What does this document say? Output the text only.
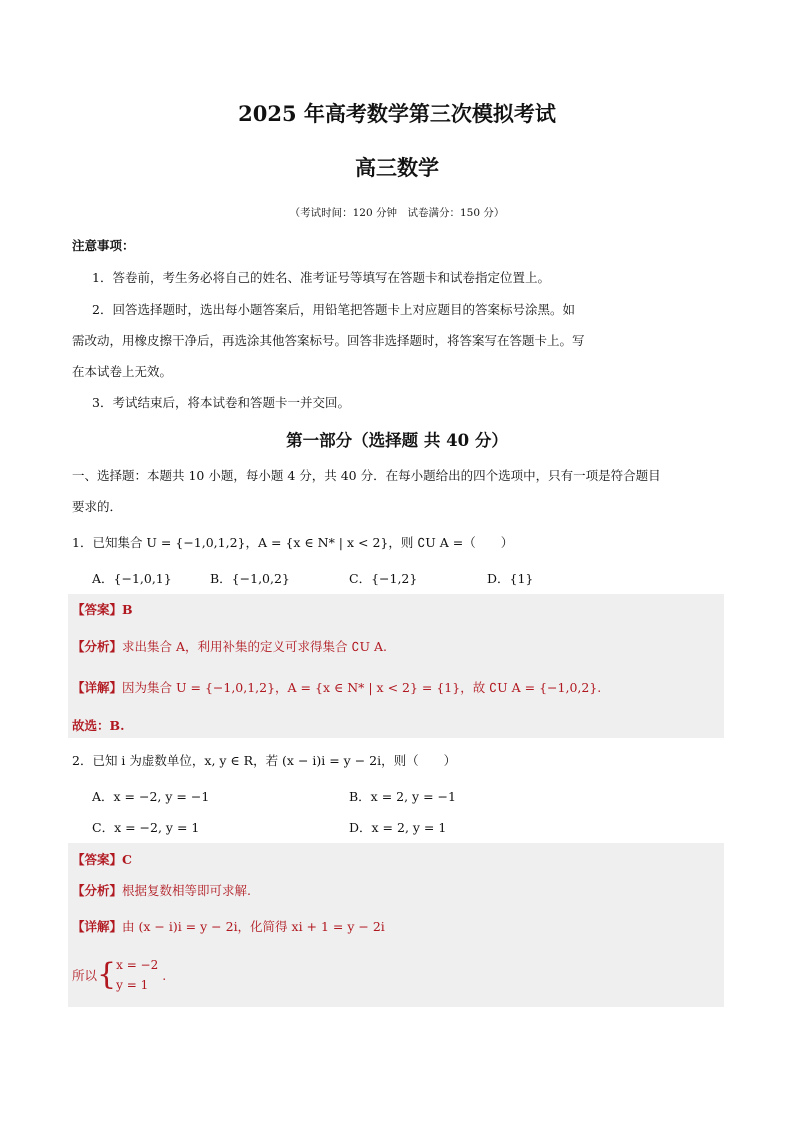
2025 年高考数学第三次模拟考试
高三数学
（考试时间：120 分钟　试卷满分：150 分）
注意事项：
1．答卷前，考生务必将自己的姓名、准考证号等填写在答题卡和试卷指定位置上。
2．回答选择题时，选出每小题答案后，用铅笔把答题卡上对应题目的答案标号涂黑。如
需改动，用橡皮擦干净后，再选涂其他答案标号。回答非选择题时，将答案写在答题卡上。写
在本试卷上无效。
3．考试结束后，将本试卷和答题卡一并交回。
第一部分（选择题 共 40 分）
一、选择题：本题共 10 小题，每小题 4 分，共 40 分．在每小题给出的四个选项中，只有一项是符合题目
要求的．
1．已知集合 U = {−1,0,1,2}，A = {x ∈ N* | x < 2}，则 ∁U A =（　　）
A．{−1,0,1}	B．{−1,0,2}	C．{−1,2}	D．{1}
【答案】B
【分析】求出集合 A，利用补集的定义可求得集合 ∁U A.
【详解】因为集合 U = {−1,0,1,2}，A = {x ∈ N* | x < 2} = {1}，故 ∁U A = {−1,0,2}.
故选：B.
2．已知 i 为虚数单位，x, y ∈ R，若 (x − i)i = y − 2i，则（　　）
A．x = −2, y = −1	B．x = 2, y = −1
C．x = −2, y = 1	D．x = 2, y = 1
【答案】C
【分析】根据复数相等即可求解.
【详解】由 (x − i)i = y − 2i，化简得 xi + 1 = y − 2i
所以{ x = −2
y = 1
.
